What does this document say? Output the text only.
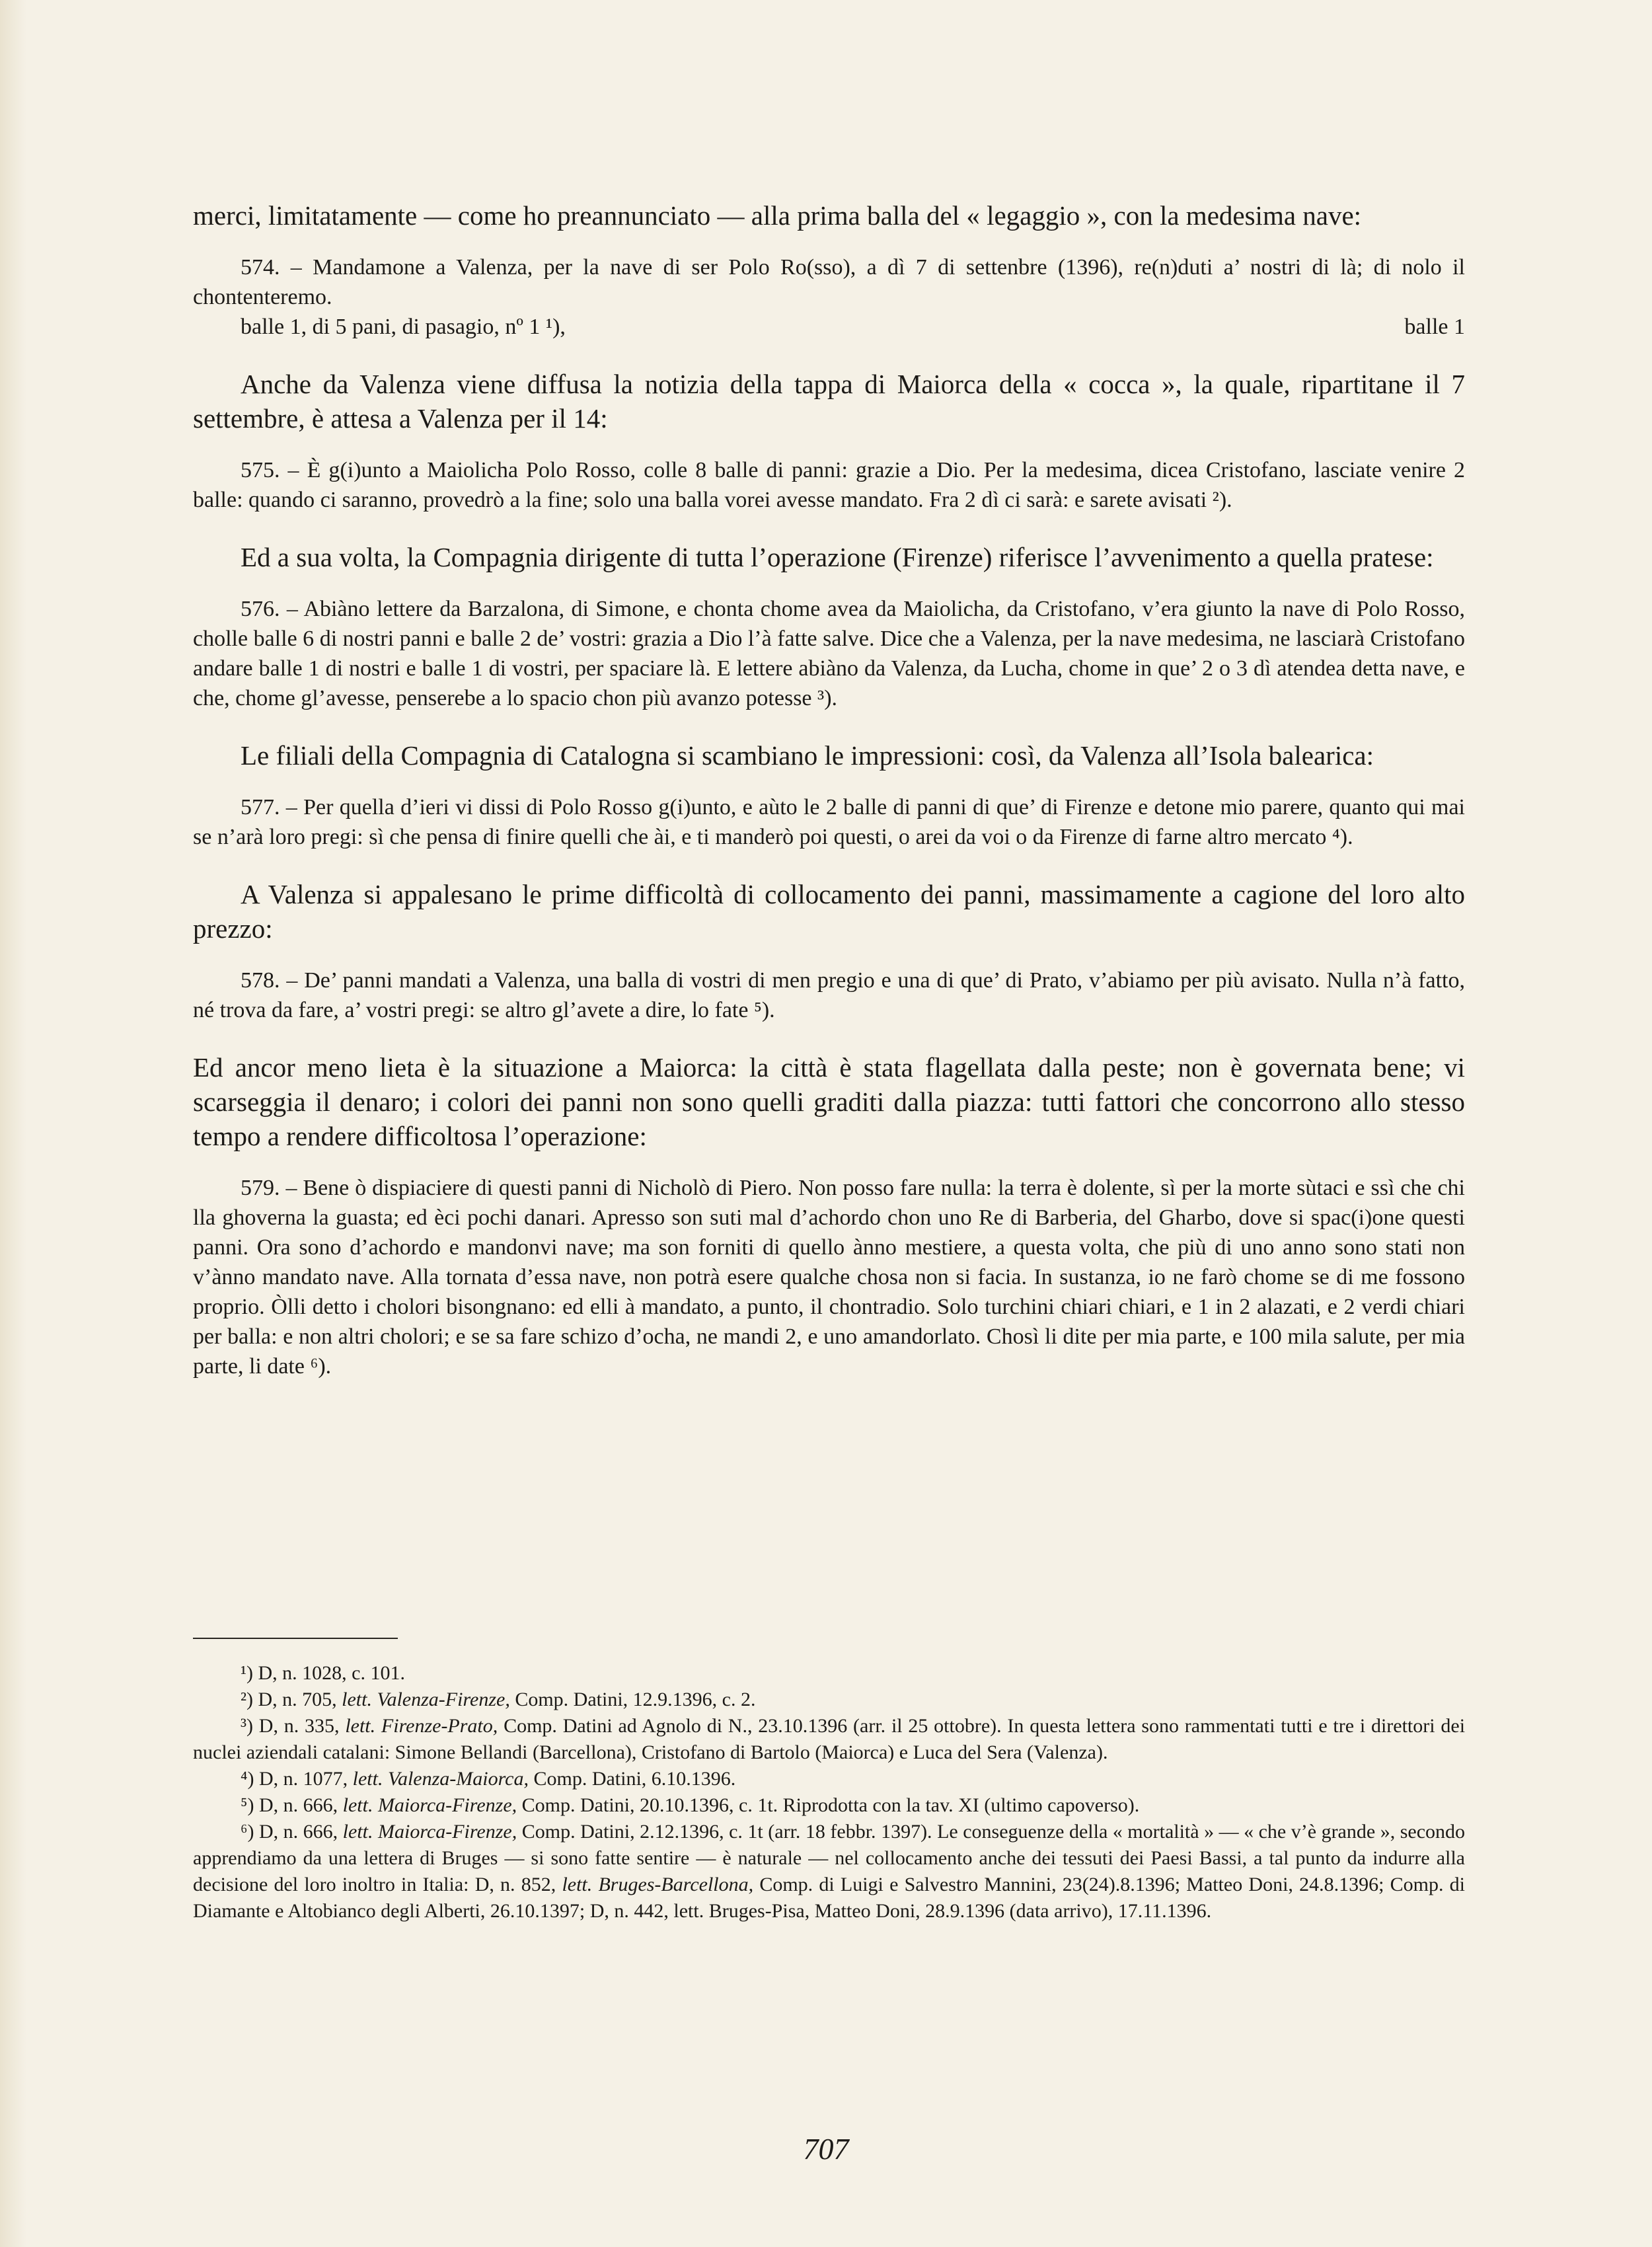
merci, limitatamente — come ho preannunciato — alla prima balla del « legaggio », con la medesima nave:

574. – Mandamone a Valenza, per la nave di ser Polo Ro(sso), a dì 7 di settenbre (1396), re(n)duti a’ nostri di là; di nolo il chontenteremo.

balle 1, di 5 pani, di pasagio, nº 1 ¹),	balle 1

Anche da Valenza viene diffusa la notizia della tappa di Maiorca della « cocca », la quale, ripartitane il 7 settembre, è attesa a Valenza per il 14:

575. – È g(i)unto a Maiolicha Polo Rosso, colle 8 balle di panni: grazie a Dio. Per la medesima, dicea Cristofano, lasciate venire 2 balle: quando ci saranno, provedrò a la fine; solo una balla vorei avesse mandato. Fra 2 dì ci sarà: e sarete avisati ²).

Ed a sua volta, la Compagnia dirigente di tutta l’operazione (Firenze) riferisce l’avvenimento a quella pratese:

576. – Abiàno lettere da Barzalona, di Simone, e chonta chome avea da Maiolicha, da Cristofano, v’era giunto la nave di Polo Rosso, cholle balle 6 di nostri panni e balle 2 de’ vostri: grazia a Dio l’à fatte salve. Dice che a Valenza, per la nave medesima, ne lasciarà Cristofano andare balle 1 di nostri e balle 1 di vostri, per spaciare là. E lettere abiàno da Valenza, da Lucha, chome in que’ 2 o 3 dì atendea detta nave, e che, chome gl’avesse, penserebe a lo spacio chon più avanzo potesse ³).

Le filiali della Compagnia di Catalogna si scambiano le impressioni: così, da Valenza all’Isola balearica:

577. – Per quella d’ieri vi dissi di Polo Rosso g(i)unto, e aùto le 2 balle di panni di que’ di Firenze e detone mio parere, quanto qui mai se n’arà loro pregi: sì che pensa di finire quelli che ài, e ti manderò poi questi, o arei da voi o da Firenze di farne altro mercato ⁴).

A Valenza si appalesano le prime difficoltà di collocamento dei panni, massimamente a cagione del loro alto prezzo:

578. – De’ panni mandati a Valenza, una balla di vostri di men pregio e una di que’ di Prato, v’abiamo per più avisato. Nulla n’à fatto, né trova da fare, a’ vostri pregi: se altro gl’avete a dire, lo fate ⁵).

Ed ancor meno lieta è la situazione a Maiorca: la città è stata flagellata dalla peste; non è governata bene; vi scarseggia il denaro; i colori dei panni non sono quelli graditi dalla piazza: tutti fattori che concorrono allo stesso tempo a rendere difficoltosa l’operazione:

579. – Bene ò dispiaciere di questi panni di Nicholò di Piero. Non posso fare nulla: la terra è dolente, sì per la morte sùtaci e ssì che chi lla ghoverna la guasta; ed èci pochi danari. Apresso son suti mal d’achordo chon uno Re di Barberia, del Gharbo, dove si spac(i)one questi panni. Ora sono d’achordo e mandonvi nave; ma son forniti di quello ànno mestiere, a questa volta, che più di uno anno sono stati non v’ànno mandato nave. Alla tornata d’essa nave, non potrà esere qualche chosa non si facia. In sustanza, io ne farò chome se di me fossono proprio. Òlli detto i cholori bisongnano: ed elli à mandato, a punto, il chontradio. Solo turchini chiari chiari, e 1 in 2 alazati, e 2 verdi chiari per balla: e non altri cholori; e se sa fare schizo d’ocha, ne mandi 2, e uno amandorlato. Chosì li dite per mia parte, e 100 mila salute, per mia parte, li date ⁶).

¹) D, n. 1028, c. 101.

²) D, n. 705, lett. Valenza-Firenze, Comp. Datini, 12.9.1396, c. 2.

³) D, n. 335, lett. Firenze-Prato, Comp. Datini ad Agnolo di N., 23.10.1396 (arr. il 25 ottobre). In questa lettera sono rammentati tutti e tre i direttori dei nuclei aziendali catalani: Simone Bellandi (Barcellona), Cristofano di Bartolo (Maiorca) e Luca del Sera (Valenza).

⁴) D, n. 1077, lett. Valenza-Maiorca, Comp. Datini, 6.10.1396.

⁵) D, n. 666, lett. Maiorca-Firenze, Comp. Datini, 20.10.1396, c. 1t. Riprodotta con la tav. XI (ultimo capoverso).

⁶) D, n. 666, lett. Maiorca-Firenze, Comp. Datini, 2.12.1396, c. 1t (arr. 18 febbr. 1397). Le conseguenze della « mortalità » — « che v’è grande », secondo apprendiamo da una lettera di Bruges — si sono fatte sentire — è naturale — nel collocamento anche dei tessuti dei Paesi Bassi, a tal punto da indurre alla decisione del loro inoltro in Italia: D, n. 852, lett. Bruges-Barcellona, Comp. di Luigi e Salvestro Mannini, 23(24).8.1396; Matteo Doni, 24.8.1396; Comp. di Diamante e Altobianco degli Alberti, 26.10.1397; D, n. 442, lett. Bruges-Pisa, Matteo Doni, 28.9.1396 (data arrivo), 17.11.1396.

707
